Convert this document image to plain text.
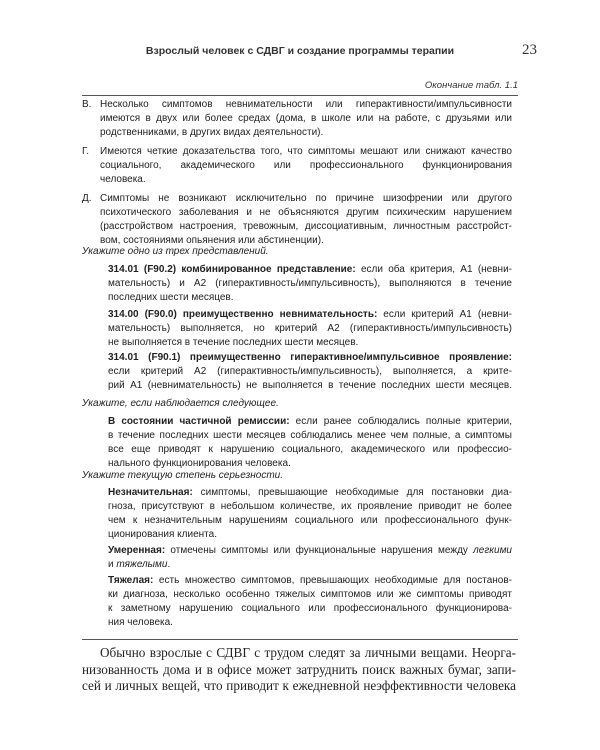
Взрослый человек с СДВГ и создание программы терапии	23
Окончание табл. 1.1
В. Несколько симптомов невнимательности или гиперактивности/импульсивности
имеются в двух или более средах (дома, в школе или на работе, с друзьями или
родственниками, в других видах деятельности).
Г. Имеются четкие доказательства того, что симптомы мешают или снижают качество
социального, академического или профессионального функционирования
человека.
Д. Симптомы не возникают исключительно по причине шизофрении или другого
психотического заболевания и не объясняются другим психическим нарушением
(расстройством настроения, тревожным, диссоциативным, личностным расстройст-
вом, состояниями опьянения или абстиненции).
Укажите одно из трех представлений.
314.01 (F90.2) комбинированное представление: если оба критерия, А1 (невни-
мательность) и А2 (гиперактивность/импульсивность), выполняются в течение
последних шести месяцев.
314.00 (F90.0) преимущественно невнимательность: если критерий А1 (невни-
мательность) выполняется, но критерий А2 (гиперактивность/импульсивность)
не выполняется в течение последних шести месяцев.
314.01 (F90.1) преимущественно гиперактивное/импульсивное проявление:
если критерий А2 (гиперактивность/импульсивность), выполняется, а крите-
рий А1 (невнимательность) не выполняется в течение последних шести месяцев.
Укажите, если наблюдается следующее.
В состоянии частичной ремиссии: если ранее соблюдались полные критерии,
в течение последних шести месяцев соблюдались менее чем полные, а симптомы
все еще приводят к нарушению социального, академического или профессио-
нального функционирования человека.
Укажите текущую степень серьезности.
Незначительная: симптомы, превышающие необходимые для постановки диа-
гноза, присутствуют в небольшом количестве, их проявление приводит не более
чем к незначительным нарушениям социального или профессионального функ-
ционирования клиента.
Умеренная: отмечены симптомы или функциональные нарушения между легкими
и тяжелыми.
Тяжелая: есть множество симптомов, превышающих необходимые для постанов-
ки диагноза, несколько особенно тяжелых симптомов или же симптомы приводят
к заметному нарушению социального или профессионального функционирова-
ния человека.
Обычно взрослые с СДВГ с трудом следят за личными вещами. Неорга-
низованность дома и в офисе может затруднить поиск важных бумаг, запи-
сей и личных вещей, что приводит к ежедневной неэффективности человека
